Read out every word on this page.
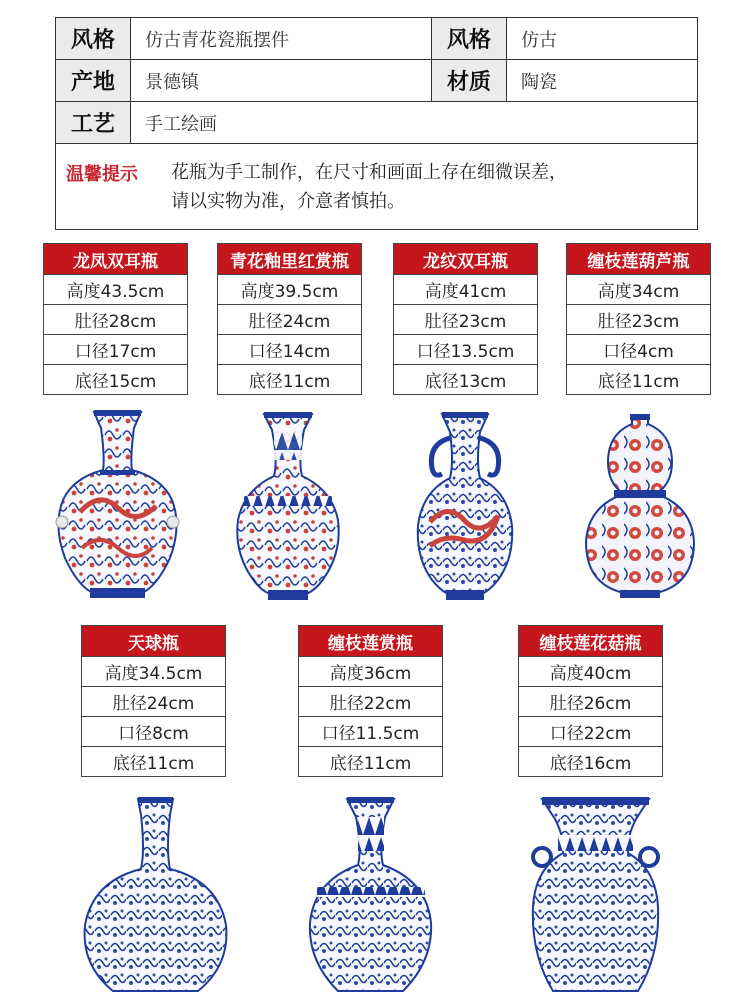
风格	仿古青花瓷瓶摆件	风格	仿古
产地	景德镇	材质	陶瓷
工艺	手工绘画
温馨提示 花瓶为手工制作，在尺寸和画面上存在细微误差，
请以实物为准，介意者慎拍。
龙凤双耳瓶
高度43.5cm
肚径28cm
口径17cm
底径15cm
青花釉里红赏瓶
高度39.5cm
肚径24cm
口径14cm
底径11cm
龙纹双耳瓶
高度41cm
肚径23cm
口径13.5cm
底径13cm
缠枝莲葫芦瓶
高度34cm
肚径23cm
口径4cm
底径11cm
天球瓶
高度34.5cm
肚径24cm
口径8cm
底径11cm
缠枝莲赏瓶
高度36cm
肚径22cm
口径11.5cm
底径11cm
缠枝莲花菇瓶
高度40cm
肚径26cm
口径22cm
底径16cm
